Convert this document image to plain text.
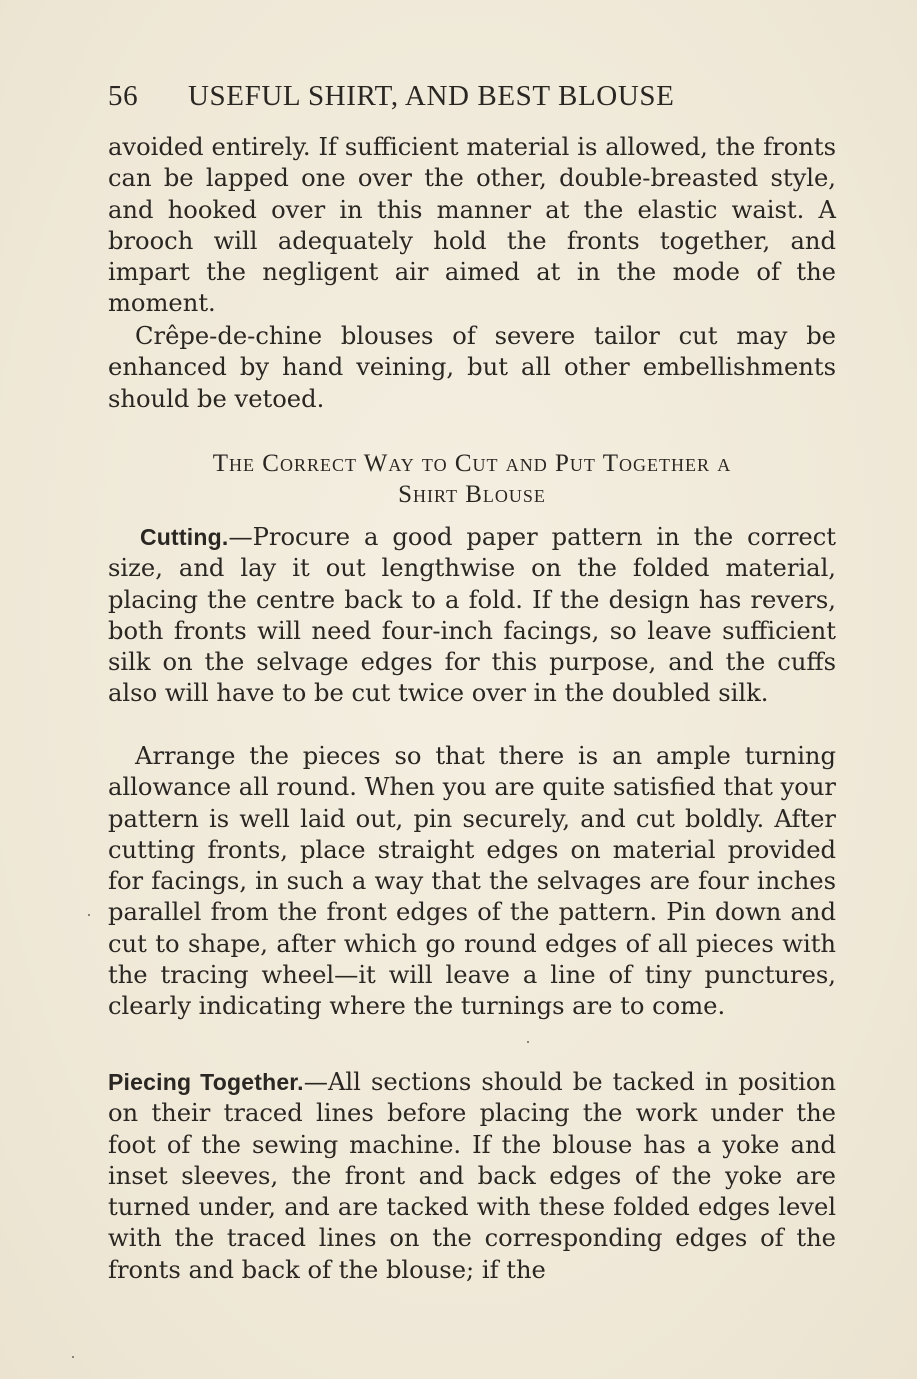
56 USEFUL SHIRT, AND BEST BLOUSE

avoided entirely. If sufficient material is allowed, the fronts can be lapped one over the other, double-breasted style, and hooked over in this manner at the elastic waist. A brooch will adequately hold the fronts together, and impart the negligent air aimed at in the mode of the moment.

Crêpe-de-chine blouses of severe tailor cut may be enhanced by hand veining, but all other embellishments should be vetoed.

The Correct Way to Cut and Put Together a
Shirt Blouse

Cutting.—Procure a good paper pattern in the correct size, and lay it out lengthwise on the folded material, placing the centre back to a fold. If the design has revers, both fronts will need four-inch facings, so leave sufficient silk on the selvage edges for this purpose, and the cuffs also will have to be cut twice over in the doubled silk.

Arrange the pieces so that there is an ample turning allowance all round. When you are quite satisfied that your pattern is well laid out, pin securely, and cut boldly. After cutting fronts, place straight edges on material provided for facings, in such a way that the selvages are four inches parallel from the front edges of the pattern. Pin down and cut to shape, after which go round edges of all pieces with the tracing wheel—it will leave a line of tiny punctures, clearly indicating where the turnings are to come.

Piecing Together.—All sections should be tacked in position on their traced lines before placing the work under the foot of the sewing machine. If the blouse has a yoke and inset sleeves, the front and back edges of the yoke are turned under, and are tacked with these folded edges level with the traced lines on the corresponding edges of the fronts and back of the blouse; if the
